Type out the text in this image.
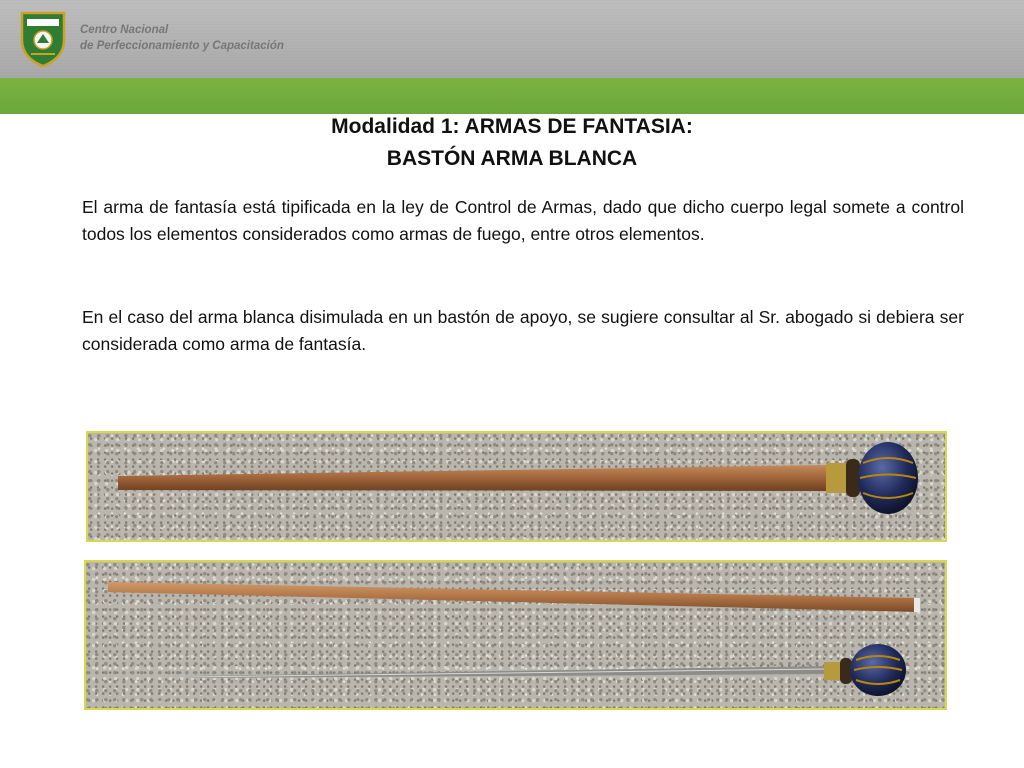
Centro Nacional
de Perfeccionamiento y Capacitación
Modalidad 1: ARMAS DE FANTASIA:
BASTÓN ARMA BLANCA
El arma de fantasía está tipificada en la ley de Control de Armas, dado que dicho cuerpo legal somete a control todos los elementos considerados como armas de fuego, entre otros elementos.
En el caso del arma blanca disimulada en un bastón de apoyo, se sugiere consultar al Sr. abogado si debiera ser considerada como arma de fantasía.
